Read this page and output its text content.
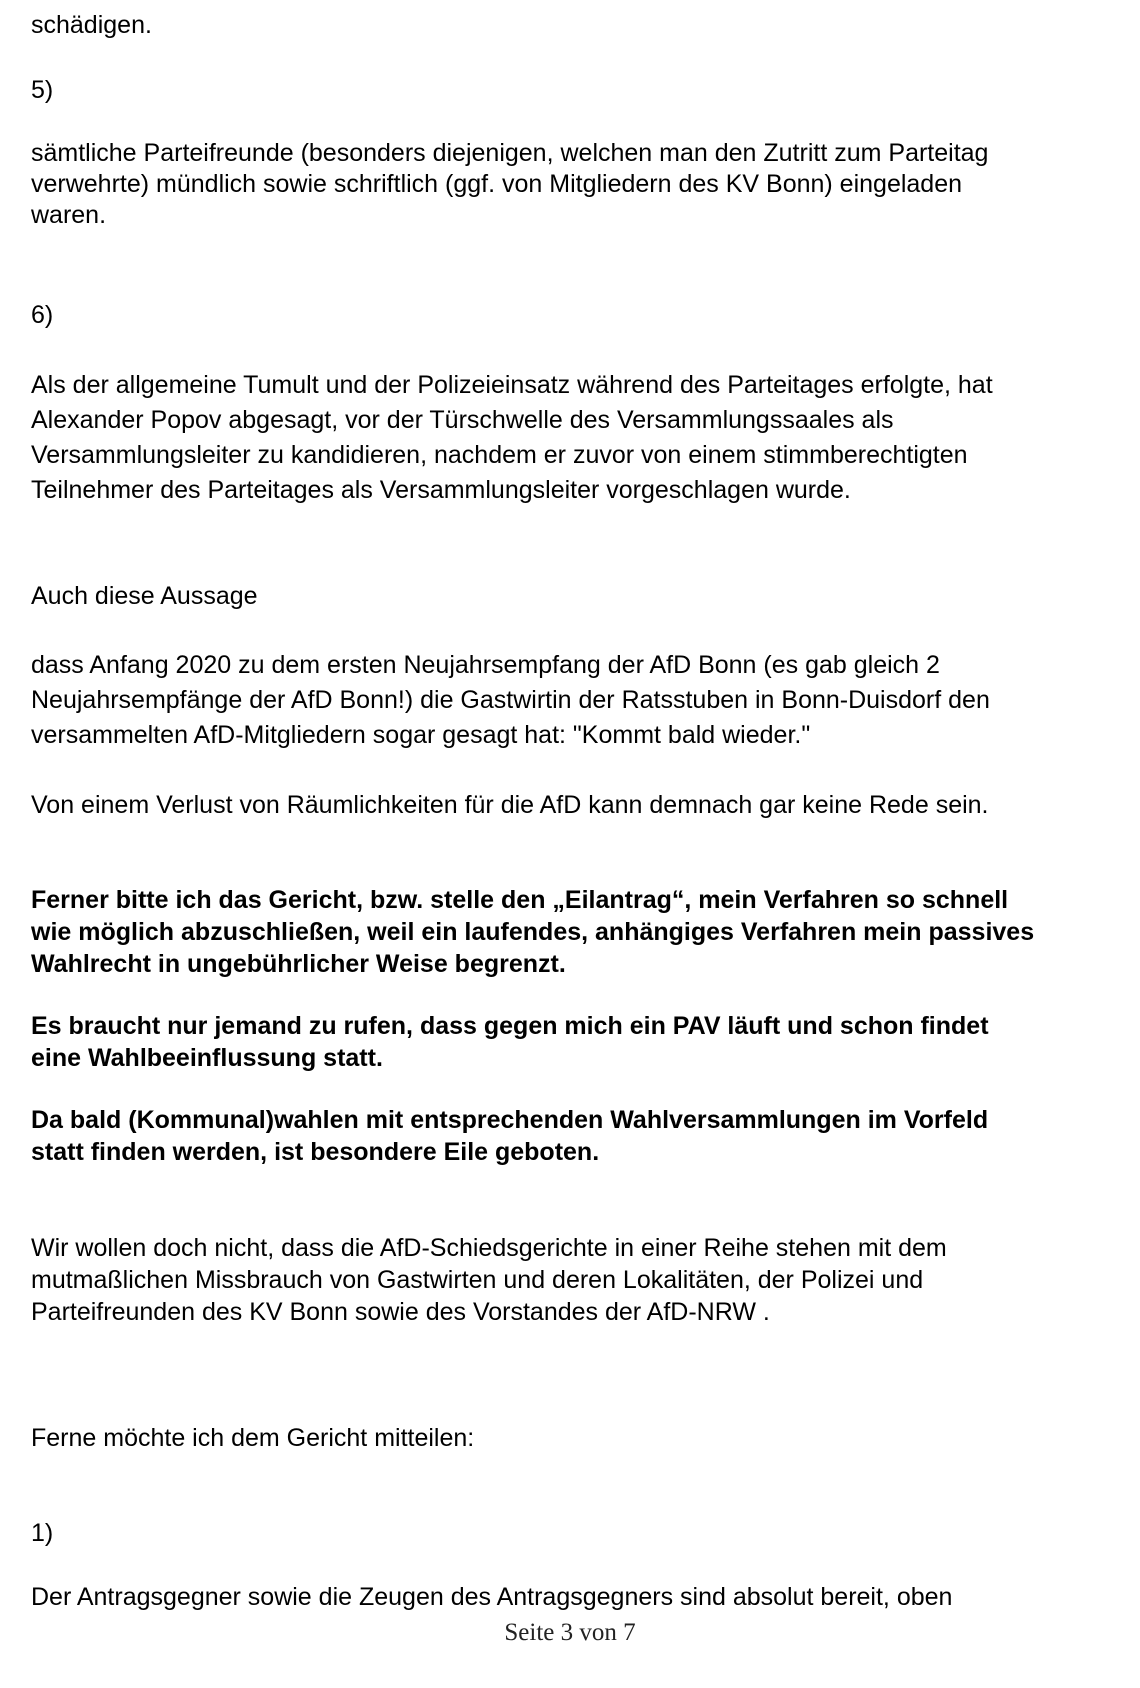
schädigen.
5)
sämtliche Parteifreunde (besonders diejenigen, welchen man den Zutritt zum Parteitag
verwehrte) mündlich sowie schriftlich (ggf. von Mitgliedern des KV Bonn) eingeladen
waren.
6)
Als der allgemeine Tumult und der Polizeieinsatz während des Parteitages erfolgte, hat
Alexander Popov abgesagt, vor der Türschwelle des Versammlungssaales als
Versammlungsleiter zu kandidieren, nachdem er zuvor von einem stimmberechtigten
Teilnehmer des Parteitages als Versammlungsleiter vorgeschlagen wurde.
Auch diese Aussage
dass Anfang 2020 zu dem ersten Neujahrsempfang der AfD Bonn (es gab gleich 2
Neujahrsempfänge der AfD Bonn!) die Gastwirtin der Ratsstuben in Bonn-Duisdorf den
versammelten AfD-Mitgliedern sogar gesagt hat: "Kommt bald wieder."
Von einem Verlust von Räumlichkeiten für die AfD kann demnach gar keine Rede sein.
Ferner bitte ich das Gericht, bzw. stelle den „Eilantrag“, mein Verfahren so schnell
wie möglich abzuschließen, weil ein laufendes, anhängiges Verfahren mein passives
Wahlrecht in ungebührlicher Weise begrenzt.
Es braucht nur jemand zu rufen, dass gegen mich ein PAV läuft und schon findet
eine Wahlbeeinflussung statt.
Da bald (Kommunal)wahlen mit entsprechenden Wahlversammlungen im Vorfeld
statt finden werden, ist besondere Eile geboten.
Wir wollen doch nicht, dass die AfD-Schiedsgerichte in einer Reihe stehen mit dem
mutmaßlichen Missbrauch von Gastwirten und deren Lokalitäten, der Polizei und
Parteifreunden des KV Bonn sowie des Vorstandes der AfD-NRW .
Ferne möchte ich dem Gericht mitteilen:
1)
Der Antragsgegner sowie die Zeugen des Antragsgegners sind absolut bereit, oben
Seite 3 von 7
